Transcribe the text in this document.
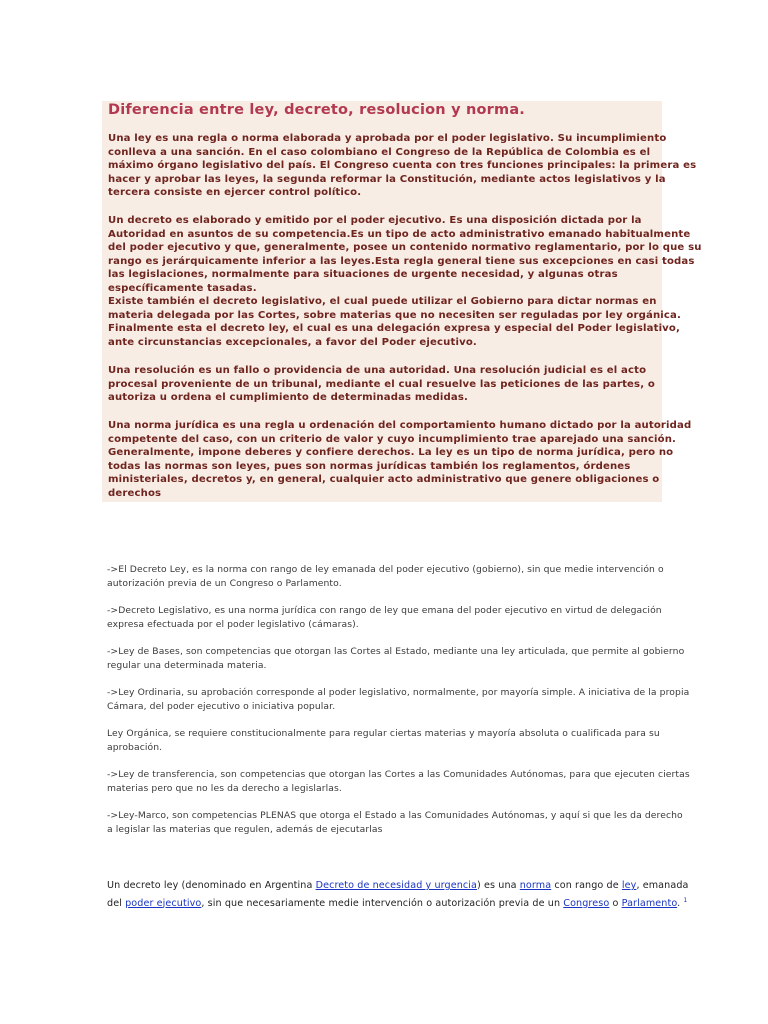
Diferencia entre ley, decreto, resolucion y norma.
Una ley es una regla o norma elaborada y aprobada por el poder legislativo. Su incumplimiento
conlleva a una sanción. En el caso colombiano el Congreso de la República de Colombia es el
máximo órgano legislativo del país. El Congreso cuenta con tres funciones principales: la primera es
hacer y aprobar las leyes, la segunda reformar la Constitución, mediante actos legislativos y la
tercera consiste en ejercer control político.
Un decreto es elaborado y emitido por el poder ejecutivo. Es una disposición dictada por la
Autoridad en asuntos de su competencia.Es un tipo de acto administrativo emanado habitualmente
del poder ejecutivo y que, generalmente, posee un contenido normativo reglamentario, por lo que su
rango es jerárquicamente inferior a las leyes.Esta regla general tiene sus excepciones en casi todas
las legislaciones, normalmente para situaciones de urgente necesidad, y algunas otras
específicamente tasadas.
Existe también el decreto legislativo, el cual puede utilizar el Gobierno para dictar normas en
materia delegada por las Cortes, sobre materias que no necesiten ser reguladas por ley orgánica.
Finalmente esta el decreto ley, el cual es una delegación expresa y especial del Poder legislativo,
ante circunstancias excepcionales, a favor del Poder ejecutivo.
Una resolución es un fallo o providencia de una autoridad. Una resolución judicial es el acto
procesal proveniente de un tribunal, mediante el cual resuelve las peticiones de las partes, o
autoriza u ordena el cumplimiento de determinadas medidas.
Una norma jurídica es una regla u ordenación del comportamiento humano dictado por la autoridad
competente del caso, con un criterio de valor y cuyo incumplimiento trae aparejado una sanción.
Generalmente, impone deberes y confiere derechos. La ley es un tipo de norma jurídica, pero no
todas las normas son leyes, pues son normas jurídicas también los reglamentos, órdenes
ministeriales, decretos y, en general, cualquier acto administrativo que genere obligaciones o
derechos
->El Decreto Ley, es la norma con rango de ley emanada del poder ejecutivo (gobierno), sin que medie intervención o
autorización previa de un Congreso o Parlamento.
->Decreto Legislativo, es una norma jurídica con rango de ley que emana del poder ejecutivo en virtud de delegación
expresa efectuada por el poder legislativo (cámaras).
->Ley de Bases, son competencias que otorgan las Cortes al Estado, mediante una ley articulada, que permite al gobierno
regular una determinada materia.
->Ley Ordinaria, su aprobación corresponde al poder legislativo, normalmente, por mayoría simple. A iniciativa de la propia
Cámara, del poder ejecutivo o iniciativa popular.
Ley Orgánica, se requiere constitucionalmente para regular ciertas materias y mayoría absoluta o cualificada para su
aprobación.
->Ley de transferencia, son competencias que otorgan las Cortes a las Comunidades Autónomas, para que ejecuten ciertas
materias pero que no les da derecho a legislarlas.
->Ley-Marco, son competencias PLENAS que otorga el Estado a las Comunidades Autónomas, y aquí si que les da derecho
a legislar las materias que regulen, además de ejecutarlas
Un decreto ley (denominado en Argentina Decreto de necesidad y urgencia) es una norma con rango de ley, emanada
del poder ejecutivo, sin que necesariamente medie intervención o autorización previa de un Congreso o Parlamento. $^1$
